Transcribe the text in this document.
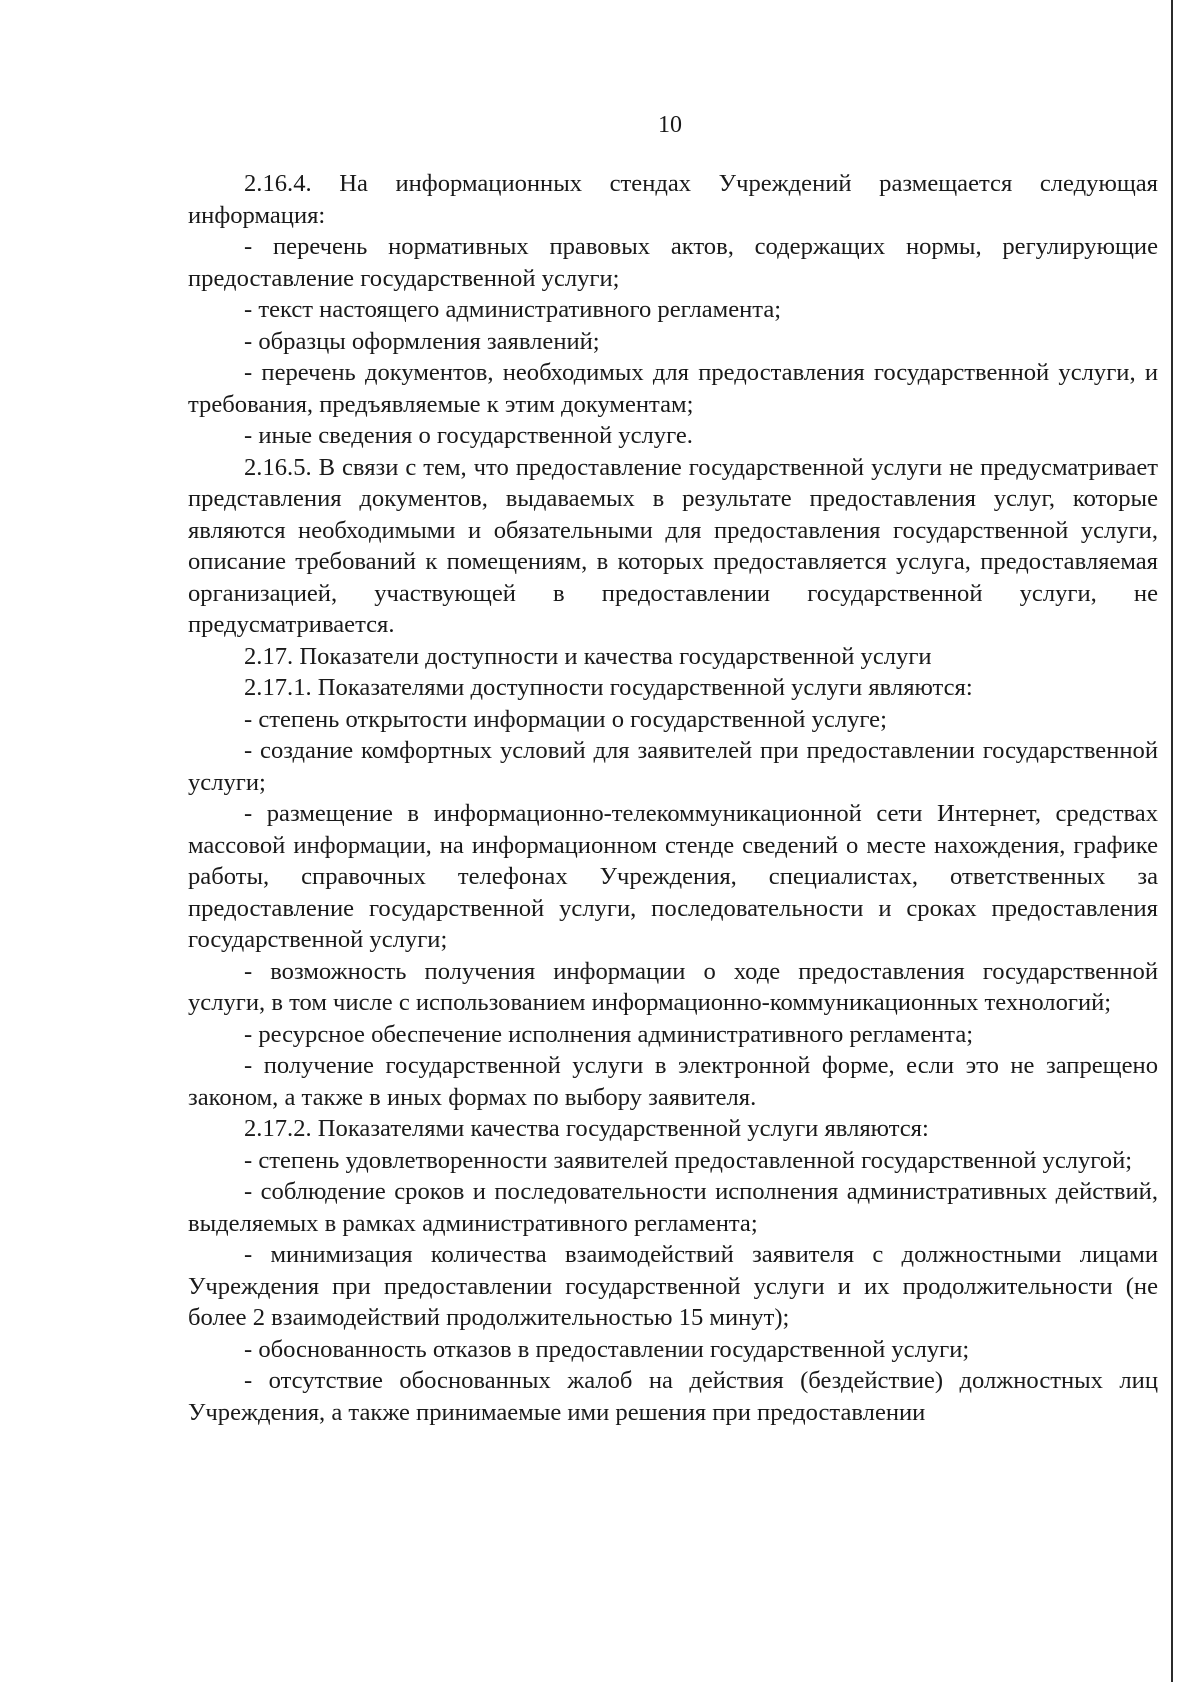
10

2.16.4. На информационных стендах Учреждений размещается следующая информация:

- перечень нормативных правовых актов, содержащих нормы, регулирующие предоставление государственной услуги;

- текст настоящего административного регламента;

- образцы оформления заявлений;

- перечень документов, необходимых для предоставления государственной услуги, и требования, предъявляемые к этим документам;

- иные сведения о государственной услуге.

2.16.5. В связи с тем, что предоставление государственной услуги не предусматривает представления документов, выдаваемых в результате предоставления услуг, которые являются необходимыми и обязательными для предоставления государственной услуги, описание требований к помещениям, в которых предоставляется услуга, предоставляемая организацией, участвующей в предоставлении государственной услуги, не предусматривается.

2.17. Показатели доступности и качества государственной услуги

2.17.1. Показателями доступности государственной услуги являются:

- степень открытости информации о государственной услуге;

- создание комфортных условий для заявителей при предоставлении государственной услуги;

- размещение в информационно-телекоммуникационной сети Интернет, средствах массовой информации, на информационном стенде сведений о месте нахождения, графике работы, справочных телефонах Учреждения, специалистах, ответственных за предоставление государственной услуги, последовательности и сроках предоставления государственной услуги;

- возможность получения информации о ходе предоставления государственной услуги, в том числе с использованием информационно-коммуникационных технологий;

- ресурсное обеспечение исполнения административного регламента;

- получение государственной услуги в электронной форме, если это не запрещено законом, а также в иных формах по выбору заявителя.

2.17.2. Показателями качества государственной услуги являются:

- степень удовлетворенности заявителей предоставленной государственной услугой;

- соблюдение сроков и последовательности исполнения административных действий, выделяемых в рамках административного регламента;

- минимизация количества взаимодействий заявителя с должностными лицами Учреждения при предоставлении государственной услуги и их продолжительности (не более 2 взаимодействий продолжительностью 15 минут);

- обоснованность отказов в предоставлении государственной услуги;

- отсутствие обоснованных жалоб на действия (бездействие) должностных лиц Учреждения, а также принимаемые ими решения при предоставлении
